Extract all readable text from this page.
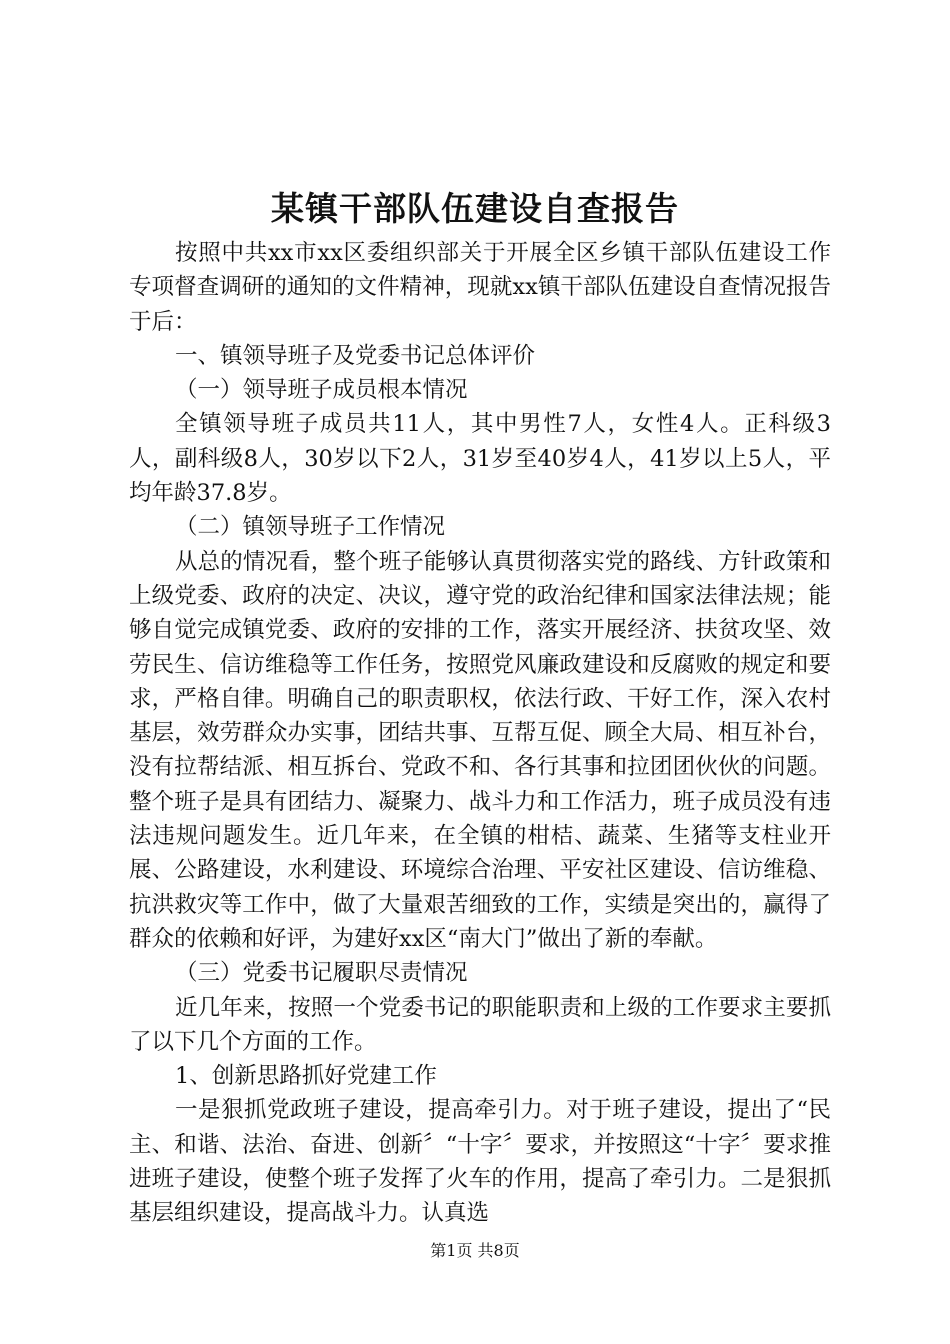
某镇干部队伍建设自查报告

按照中共xx市xx区委组织部关于开展全区乡镇干部队伍建设工作专项督查调研的通知的文件精神，现就xx镇干部队伍建设自查情况报告于后：

一、镇领导班子及党委书记总体评价

（一）领导班子成员根本情况

全镇领导班子成员共11人，其中男性7人，女性4人。正科级3人，副科级8人，30岁以下2人，31岁至40岁4人，41岁以上5人，平均年龄37.8岁。

（二）镇领导班子工作情况

从总的情况看，整个班子能够认真贯彻落实党的路线、方针政策和上级党委、政府的决定、决议，遵守党的政治纪律和国家法律法规；能够自觉完成镇党委、政府的安排的工作，落实开展经济、扶贫攻坚、效劳民生、信访维稳等工作任务，按照党风廉政建设和反腐败的规定和要求，严格自律。明确自己的职责职权，依法行政、干好工作，深入农村基层，效劳群众办实事，团结共事、互帮互促、顾全大局、相互补台，没有拉帮结派、相互拆台、党政不和、各行其事和拉团团伙伙的问题。整个班子是具有团结力、凝聚力、战斗力和工作活力，班子成员没有违法违规问题发生。近几年来，在全镇的柑桔、蔬菜、生猪等支柱业开展、公路建设，水利建设、环境综合治理、平安社区建设、信访维稳、抗洪救灾等工作中，做了大量艰苦细致的工作，实绩是突出的，赢得了群众的依赖和好评，为建好xx区“南大门”做出了新的奉献。

（三）党委书记履职尽责情况

近几年来，按照一个党委书记的职能职责和上级的工作要求主要抓了以下几个方面的工作。

1、创新思路抓好党建工作

一是狠抓党政班子建设，提高牵引力。对于班子建设，提出了“民主、和谐、法治、奋进、创新〞“十字〞要求，并按照这“十字〞要求推进班子建设，使整个班子发挥了火车的作用，提高了牵引力。二是狠抓基层组织建设，提高战斗力。认真选

第1页 共8页
